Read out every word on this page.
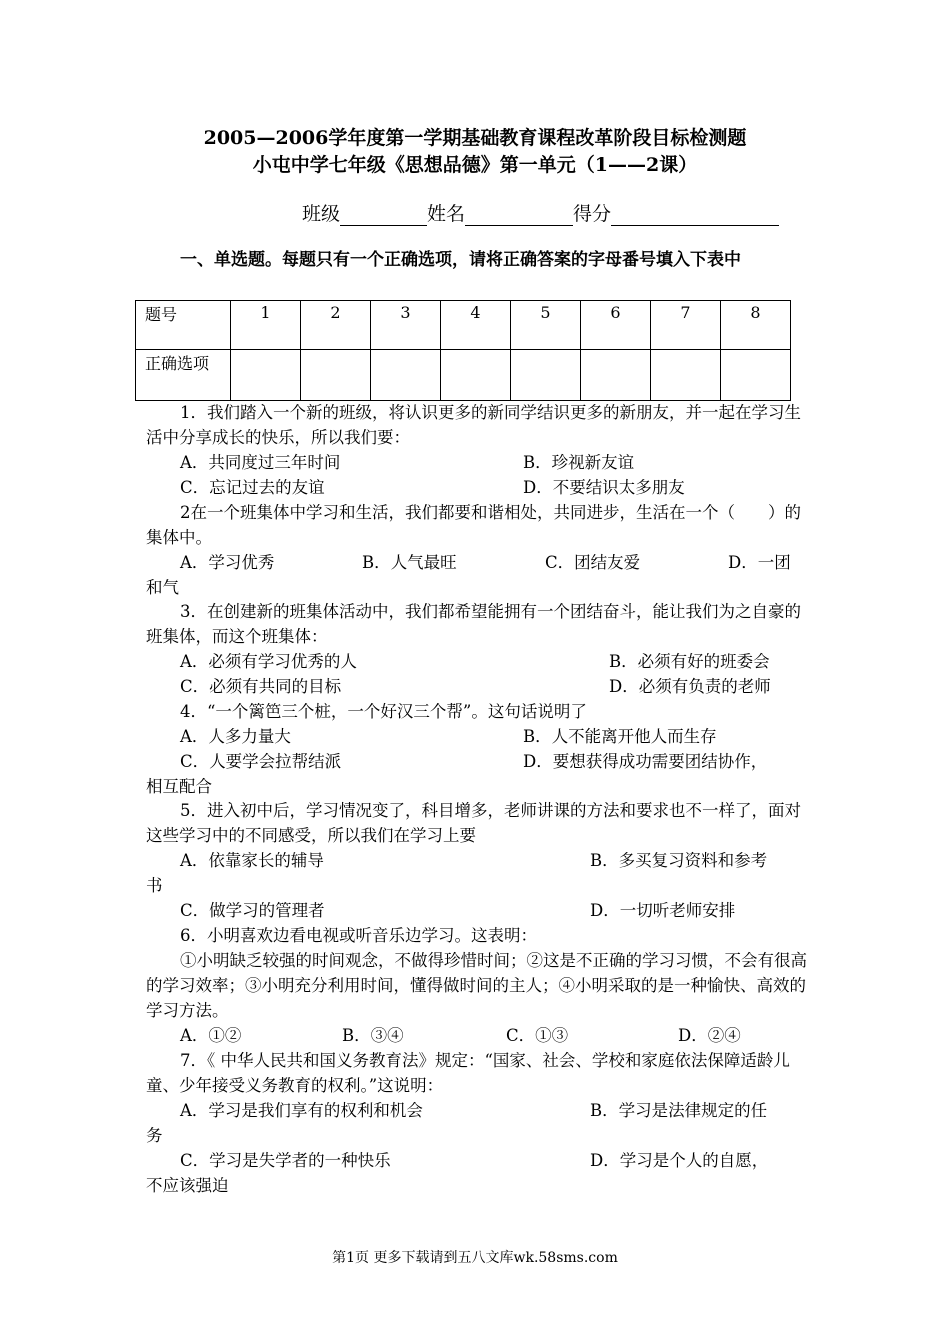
2005—2006学年度第一学期基础教育课程改革阶段目标检测题
小屯中学七年级《思想品德》第一单元（1——2课）
班级	姓名	得分
一、单选题。每题只有一个正确选项，请将正确答案的字母番号填入下表中
题号	1	2	3	4	5	6	7	8
正确选项								

1．我们踏入一个新的班级，将认识更多的新同学结识更多的新朋友，并一起在学习生活中分享成长的快乐，所以我们要：

A．共同度过三年时间	B．珍视新友谊
C．忘记过去的友谊	D．不要结识太多朋友

2在一个班集体中学习和生活，我们都要和谐相处，共同进步，生活在一个（　　）的集体中。

A．学习优秀	B．人气最旺	C．团结友爱	D．一团
和气

3．在创建新的班集体活动中，我们都希望能拥有一个团结奋斗，能让我们为之自豪的班集体，而这个班集体：

A．必须有学习优秀的人	B．必须有好的班委会
C．必须有共同的目标	D．必须有负责的老师

4．“一个篱笆三个桩，一个好汉三个帮”。这句话说明了

A．人多力量大	B．人不能离开他人而生存
C．人要学会拉帮结派	D．要想获得成功需要团结协作，
相互配合

5．进入初中后，学习情况变了，科目增多，老师讲课的方法和要求也不一样了，面对这些学习中的不同感受，所以我们在学习上要

A．依靠家长的辅导	B．多买复习资料和参考
书
C．做学习的管理者	D．一切听老师安排

6．小明喜欢边看电视或听音乐边学习。这表明：

①小明缺乏较强的时间观念，不做得珍惜时间；②这是不正确的学习习惯，不会有很高的学习效率；③小明充分利用时间，懂得做时间的主人；④小明采取的是一种愉快、高效的学习方法。

A．①②	B．③④	C．①③	D．②④

7．《 中华人民共和国义务教育法》规定：“国家、社会、学校和家庭依法保障适龄儿童、少年接受义务教育的权利。”这说明：

A．学习是我们享有的权利和机会	B．学习是法律规定的任
务
C．学习是失学者的一种快乐	D．学习是个人的自愿，
不应该强迫
第1页 更多下载请到五八文库wk.58sms.com
